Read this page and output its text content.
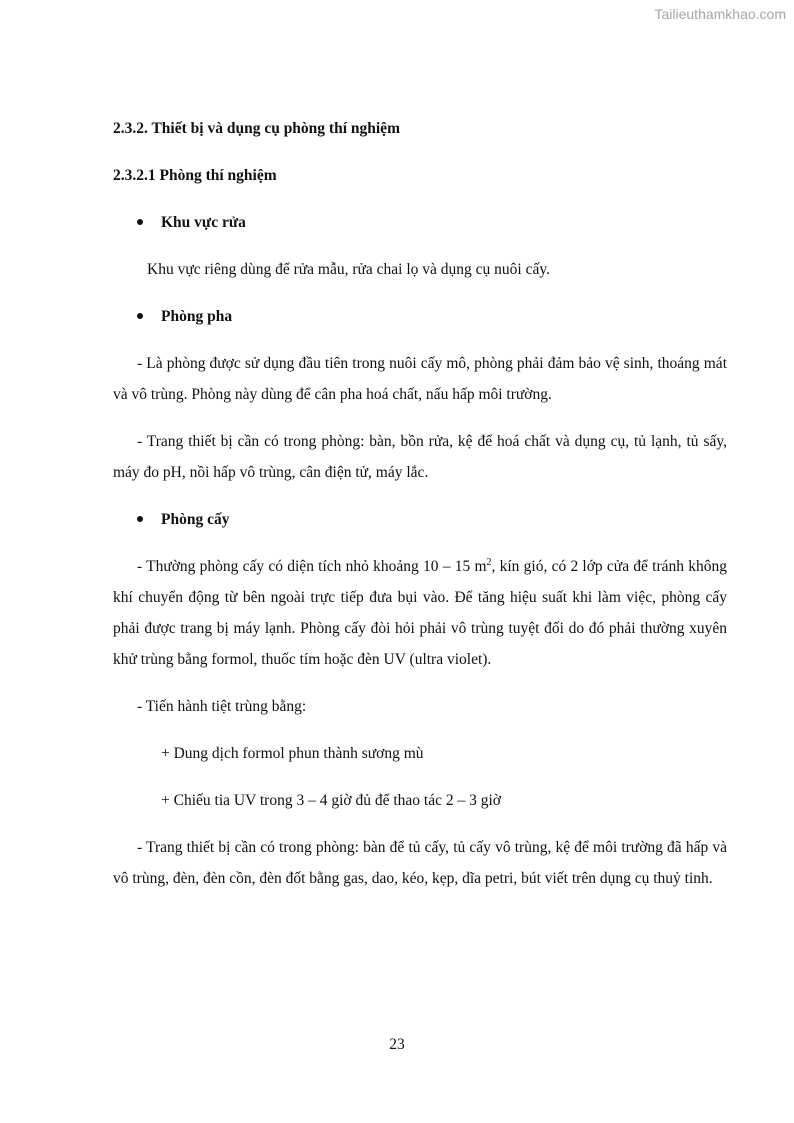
Tailieuthamkhao.com

2.3.2. Thiết bị và dụng cụ phòng thí nghiệm

2.3.2.1 Phòng thí nghiệm

Khu vực rửa

Khu vực riêng dùng để rửa mẫu, rửa chai lọ và dụng cụ nuôi cấy.

Phòng pha

- Là phòng được sử dụng đầu tiên trong nuôi cấy mô, phòng phải đảm bảo vệ sinh, thoáng mát và vô trùng. Phòng này dùng để cân pha hoá chất, nấu hấp môi trường.

- Trang thiết bị cần có trong phòng: bàn, bồn rửa, kệ để hoá chất và dụng cụ, tủ lạnh, tủ sấy, máy đo pH, nồi hấp vô trùng, cân điện tử, máy lắc.

Phòng cấy

- Thường phòng cấy có diện tích nhỏ khoảng 10 – 15 $m^2$, kín gió, có 2 lớp cửa để tránh không khí chuyển động từ bên ngoài trực tiếp đưa bụi vào. Để tăng hiệu suất khi làm việc, phòng cấy phải được trang bị máy lạnh. Phòng cấy đòi hỏi phải vô trùng tuyệt đối do đó phải thường xuyên khử trùng bằng formol, thuốc tím hoặc đèn UV (ultra violet).

- Tiến hành tiệt trùng bằng:

+ Dung dịch formol phun thành sương mù

+ Chiếu tia UV trong 3 – 4 giờ đủ để thao tác 2 – 3 giờ

- Trang thiết bị cần có trong phòng: bàn để tủ cấy, tủ cấy vô trùng, kệ để môi trường đã hấp và vô trùng, đèn, đèn cồn, đèn đốt bằng gas, dao, kéo, kẹp, dĩa petri, bút viết trên dụng cụ thuỷ tinh.

23
